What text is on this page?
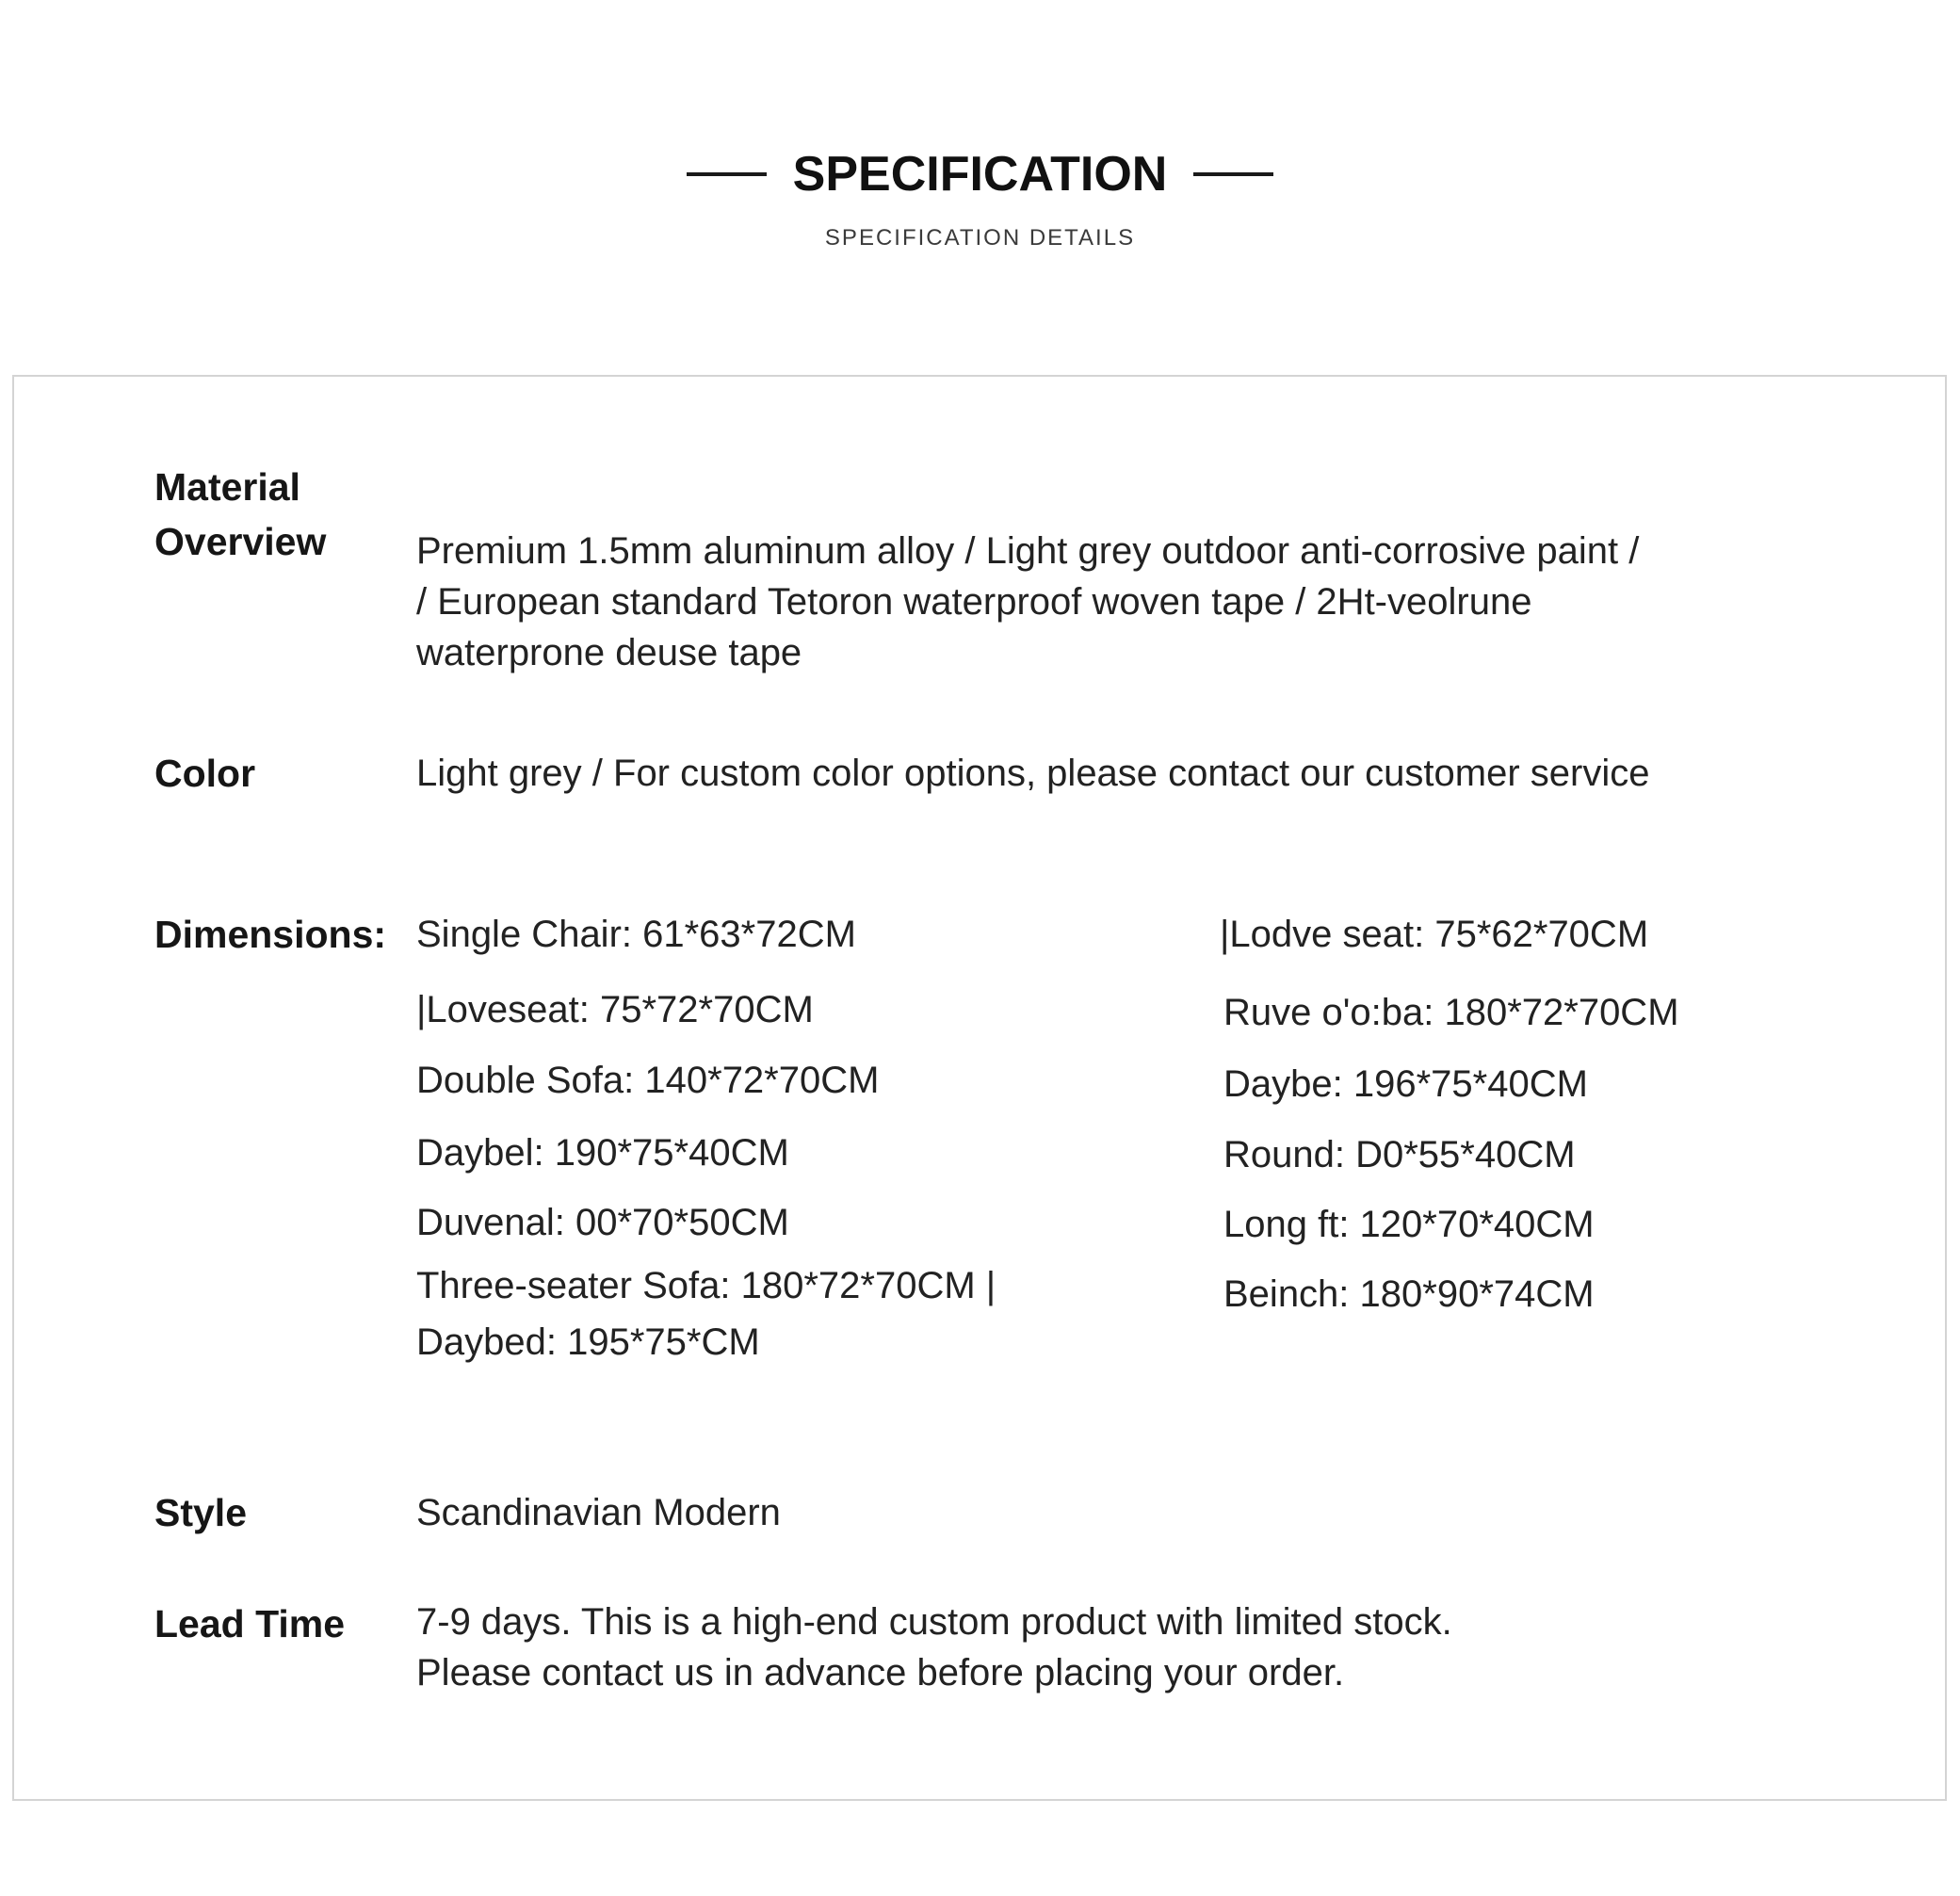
SPECIFICATION
SPECIFICATION DETAILS
Material
Overview Premium 1.5mm aluminum alloy / Light grey outdoor anti-corrosive paint /
/ European standard Tetoron waterproof woven tape / 2Ht-veolrune
waterprone deuse tape
Color	Light grey / For custom color options, please contact our customer service
Dimensions: Single Chair: 61*63*72CM
|Loveseat: 75*72*70CM
Double Sofa: 140*72*70CM
Daybel: 190*75*40CM
Duvenal: 00*70*50CM
Three-seater Sofa: 180*72*70CM |
Daybed: 195*75*CM
|Lodve seat: 75*62*70CM
Ruve o'o:ba: 180*72*70CM
Daybe: 196*75*40CM
Round: D0*55*40CM
Long ft: 120*70*40CM
Beinch: 180*90*74CM
Style	Scandinavian Modern
Lead Time 7-9 days. This is a high-end custom product with limited stock.
Please contact us in advance before placing your order.
